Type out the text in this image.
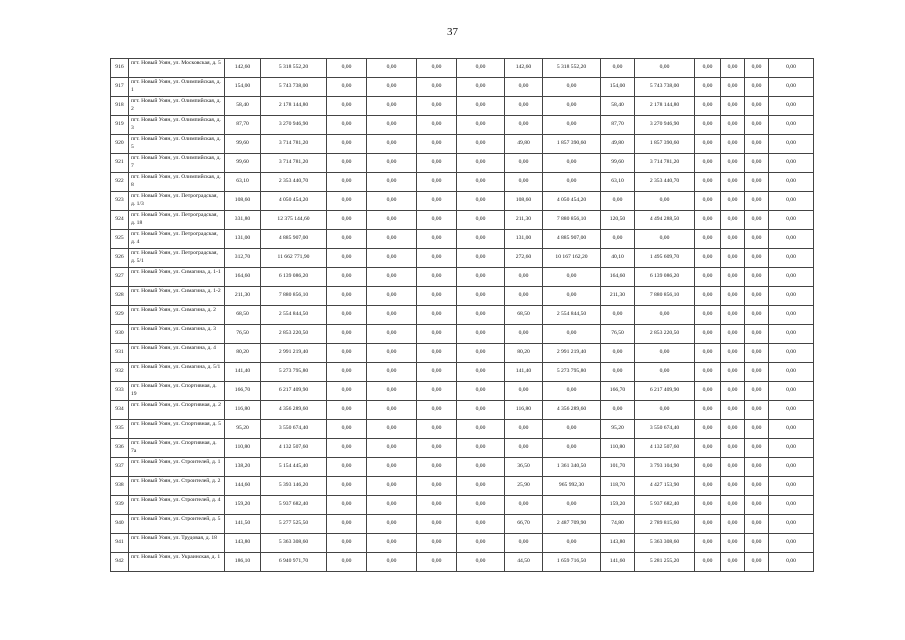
37
916	пгт. Новый Уоян, ул. Московская, д. 5	142,60	5 318 552,20	0,00	0,00	0,00	0,00	142,60	5 318 552,20	0,00	0,00	0,00	0,00	0,00	0,00
917	пгт. Новый Уоян, ул. Олимпийская, д. 1	154,00	5 743 738,00	0,00	0,00	0,00	0,00	0,00	0,00	154,00	5 743 738,00	0,00	0,00	0,00	0,00
918	пгт. Новый Уоян, ул. Олимпийская, д. 2	58,40	2 178 144,80	0,00	0,00	0,00	0,00	0,00	0,00	58,40	2 178 144,80	0,00	0,00	0,00	0,00
919	пгт. Новый Уоян, ул. Олимпийская, д. 3	87,70	3 270 946,90	0,00	0,00	0,00	0,00	0,00	0,00	87,70	3 270 946,90	0,00	0,00	0,00	0,00
920	пгт. Новый Уоян, ул. Олимпийская, д. 5	99,60	3 714 781,20	0,00	0,00	0,00	0,00	49,80	1 857 390,60	49,80	1 857 390,60	0,00	0,00	0,00	0,00
921	пгт. Новый Уоян, ул. Олимпийская, д. 7	99,60	3 714 781,20	0,00	0,00	0,00	0,00	0,00	0,00	99,60	3 714 781,20	0,00	0,00	0,00	0,00
922	пгт. Новый Уоян, ул. Олимпийская, д. 8	63,10	2 353 440,70	0,00	0,00	0,00	0,00	0,00	0,00	63,10	2 353 440,70	0,00	0,00	0,00	0,00
923	пгт. Новый Уоян, ул. Петроградская, д. 1/3	108,60	4 050 454,20	0,00	0,00	0,00	0,00	108,60	4 050 454,20	0,00	0,00	0,00	0,00	0,00	0,00
924	пгт. Новый Уоян, ул. Петроградская, д. 18	331,80	12 375 144,60	0,00	0,00	0,00	0,00	211,30	7 880 856,10	120,50	4 494 288,50	0,00	0,00	0,00	0,00
925	пгт. Новый Уоян, ул. Петроградская, д. 4	131,00	4 885 907,00	0,00	0,00	0,00	0,00	131,00	4 885 907,00	0,00	0,00	0,00	0,00	0,00	0,00
926	пгт. Новый Уоян, ул. Петроградская, д. 5/1	312,70	11 662 771,90	0,00	0,00	0,00	0,00	272,60	10 167 162,20	40,10	1 495 609,70	0,00	0,00	0,00	0,00
927	пгт. Новый Уоян, ул. Симагина, д. 1-1	164,60	6 139 086,20	0,00	0,00	0,00	0,00	0,00	0,00	164,60	6 139 086,20	0,00	0,00	0,00	0,00
928	пгт. Новый Уоян, ул. Симагина, д. 1-2	211,30	7 880 856,10	0,00	0,00	0,00	0,00	0,00	0,00	211,30	7 880 856,10	0,00	0,00	0,00	0,00
929	пгт. Новый Уоян, ул. Симагина, д. 2	68,50	2 554 844,50	0,00	0,00	0,00	0,00	68,50	2 554 844,50	0,00	0,00	0,00	0,00	0,00	0,00
930	пгт. Новый Уоян, ул. Симагина, д. 3	76,50	2 853 220,50	0,00	0,00	0,00	0,00	0,00	0,00	76,50	2 853 220,50	0,00	0,00	0,00	0,00
931	пгт. Новый Уоян, ул. Симагина, д. 4	80,20	2 991 219,40	0,00	0,00	0,00	0,00	80,20	2 991 219,40	0,00	0,00	0,00	0,00	0,00	0,00
932	пгт. Новый Уоян, ул. Симагина, д. 5/1	141,40	5 273 795,80	0,00	0,00	0,00	0,00	141,40	5 273 795,80	0,00	0,00	0,00	0,00	0,00	0,00
933	пгт. Новый Уоян, ул. Спортивная, д. 19	166,70	6 217 409,90	0,00	0,00	0,00	0,00	0,00	0,00	166,70	6 217 409,90	0,00	0,00	0,00	0,00
934	пгт. Новый Уоян, ул. Спортивная, д. 2	116,80	4 356 289,60	0,00	0,00	0,00	0,00	116,80	4 356 289,60	0,00	0,00	0,00	0,00	0,00	0,00
935	пгт. Новый Уоян, ул. Спортивная, д. 5	95,20	3 550 674,40	0,00	0,00	0,00	0,00	0,00	0,00	95,20	3 550 674,40	0,00	0,00	0,00	0,00
936	пгт. Новый Уоян, ул. Спортивная, д. 7а	110,80	4 132 507,60	0,00	0,00	0,00	0,00	0,00	0,00	110,80	4 132 507,60	0,00	0,00	0,00	0,00
937	пгт. Новый Уоян, ул. Строителей, д. 1	138,20	5 154 445,40	0,00	0,00	0,00	0,00	36,50	1 361 340,50	101,70	3 793 104,90	0,00	0,00	0,00	0,00
938	пгт. Новый Уоян, ул. Строителей, д. 2	144,60	5 393 146,20	0,00	0,00	0,00	0,00	25,90	965 992,30	118,70	4 427 153,90	0,00	0,00	0,00	0,00
939	пгт. Новый Уоян, ул. Строителей, д. 4	159,20	5 937 682,40	0,00	0,00	0,00	0,00	0,00	0,00	159,20	5 937 682,40	0,00	0,00	0,00	0,00
940	пгт. Новый Уоян, ул. Строителей, д. 5	141,50	5 277 525,50	0,00	0,00	0,00	0,00	66,70	2 487 709,90	74,80	2 789 815,60	0,00	0,00	0,00	0,00
941	пгт. Новый Уоян, ул. Трудовая, д. 18	143,80	5 363 308,60	0,00	0,00	0,00	0,00	0,00	0,00	143,80	5 363 308,60	0,00	0,00	0,00	0,00
942	пгт. Новый Уоян, ул. Украинская, д. 1	186,10	6 940 971,70	0,00	0,00	0,00	0,00	44,50	1 659 716,50	141,60	5 281 255,20	0,00	0,00	0,00	0,00
